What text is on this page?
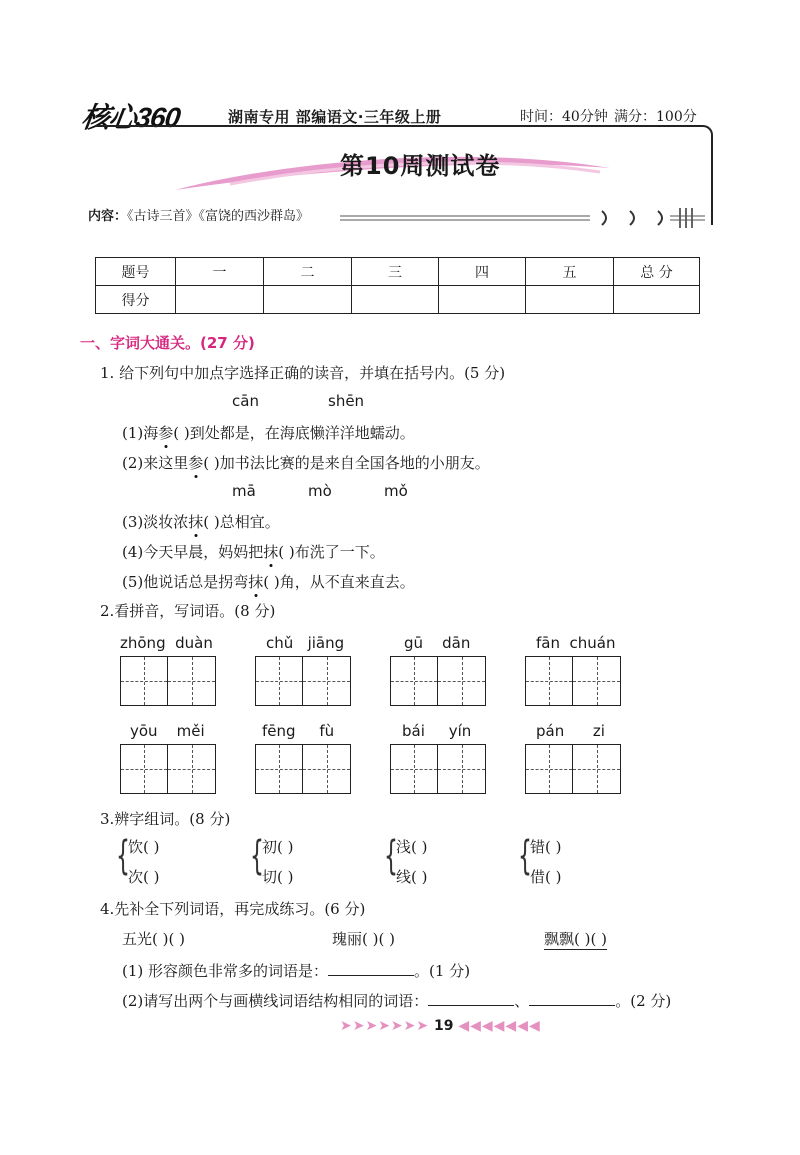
核心360	湖南专用 部编语文·三年级上册	时间：40分钟 满分：100分
第10周测试卷
内容：《古诗三首》《富饶的西沙群岛》
题号	一	二	三	四	五	总 分
得分						
一、字词大通关。(27 分)
1. 给下列句中加点字选择正确的读音，并填在括号内。(5 分)
cān	shēn
(1)海参( )到处都是，在海底懒洋洋地蠕动。
(2)来这里参( )加书法比赛的是来自全国各地的小朋友。
mā	mò	mǒ
(3)淡妆浓抹( )总相宜。
(4)今天早晨，妈妈把抹( )布洗了一下。
(5)他说话总是拐弯抹( )角，从不直来直去。
2.看拼音，写词语。(8 分)
zhōng duàn	chǔ jiāng	gū dān	fān chuán
yōu měi	fēng fù	bái yín	pán zi
3.辨字组词。(8 分)
{
饮( )
次( ) {
初( )
切( ) {
浅( )
线( ) {
错( )
借( )
4.先补全下列词语，再完成练习。(6 分)
五光( )( )	瑰丽( )( )	飘飘( )( )
(1) 形容颜色非常多的词语是：	。(1 分)
(2)请写出两个与画横线词语结构相同的词语：	、	。(2 分)
➤➤➤➤➤➤➤ 19 ◀◀◀◀◀◀◀
